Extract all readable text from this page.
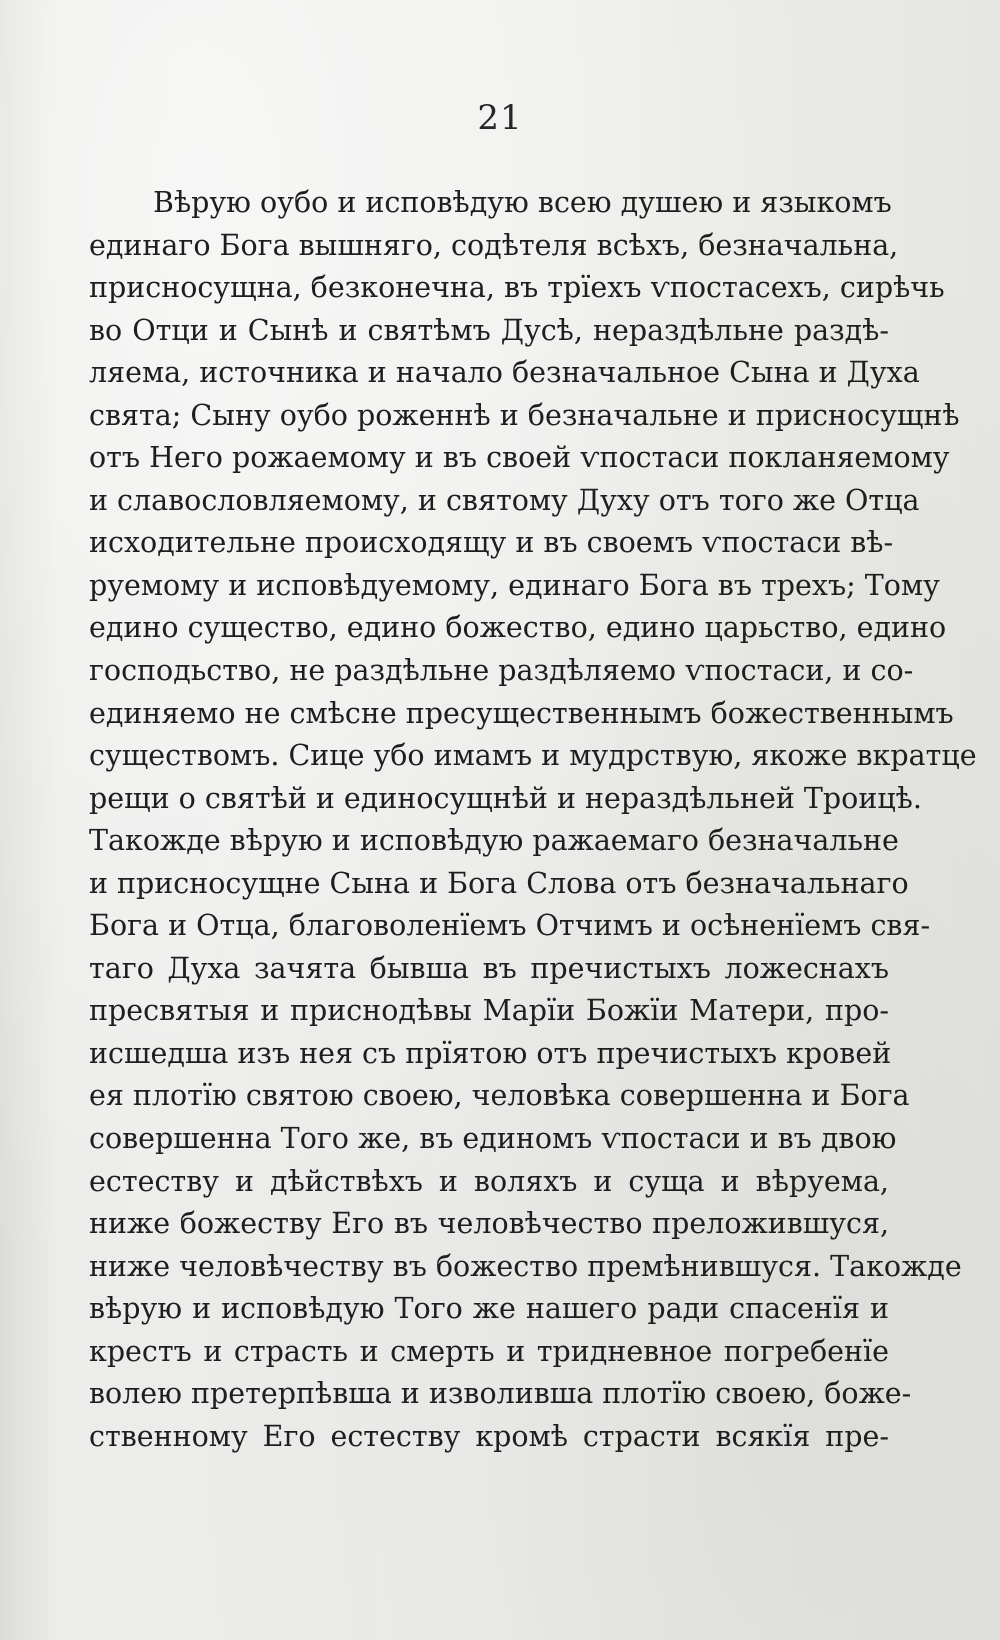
21
Вѣрую оубо и исповѣдую всею душею и языкомъ
единаго Бога вышняго, содѣтеля всѣхъ, безначальна,
присносущна, безконечна, въ трїехъ ѵпостасехъ, сирѣчь
во Отци и Сынѣ и святѣмъ Дусѣ, нераздѣльне раздѣ-
ляема, источника и начало безначальное Сына и Духа
свята; Сыну оубо роженнѣ и безначальне и присносущнѣ
отъ Него рожаемому и въ своей ѵпостаси покланяемому
и славословляемому, и святому Духу отъ того же Отца
исходительне происходящу и въ своемъ ѵпостаси вѣ-
руемому и исповѣдуемому, единаго Бога въ трехъ; Тому
едино существо, едино божество, едино царьство, едино
господьство, не раздѣльне раздѣляемо ѵпостаси, и со-
единяемо не смѣсне пресущественнымъ божественнымъ
существомъ. Сице убо имамъ и мудрствую, якоже вкратце
рещи о святѣй и единосущнѣй и нераздѣльней Троицѣ.
Такожде вѣрую и исповѣдую ражаемаго безначальне
и присносущне Сына и Бога Слова отъ безначальнаго
Бога и Отца, благоволенїемъ Отчимъ и осѣненїемъ свя-
таго Духа зачята бывша въ пречистыхъ ложеснахъ
пресвятыя и приснодѣвы Марїи Божїи Матери, про-
исшедша изъ нея съ прїятою отъ пречистыхъ кровей
ея плотїю святою своею, человѣка совершенна и Бога
совершенна Того же, въ единомъ ѵпостаси и въ двою
естеству и дѣйствѣхъ и воляхъ и суща и вѣруема,
ниже божеству Его въ человѣчество преложившуся,
ниже человѣчеству въ божество премѣнившуся. Такожде
вѣрую и исповѣдую Того же нашего ради спасенїя и
крестъ и страсть и смерть и тридневное погребенїе
волею претерпѣвша и изволивша плотїю своею, боже-
ственному Его естеству кромѣ страсти всякїя пре-
